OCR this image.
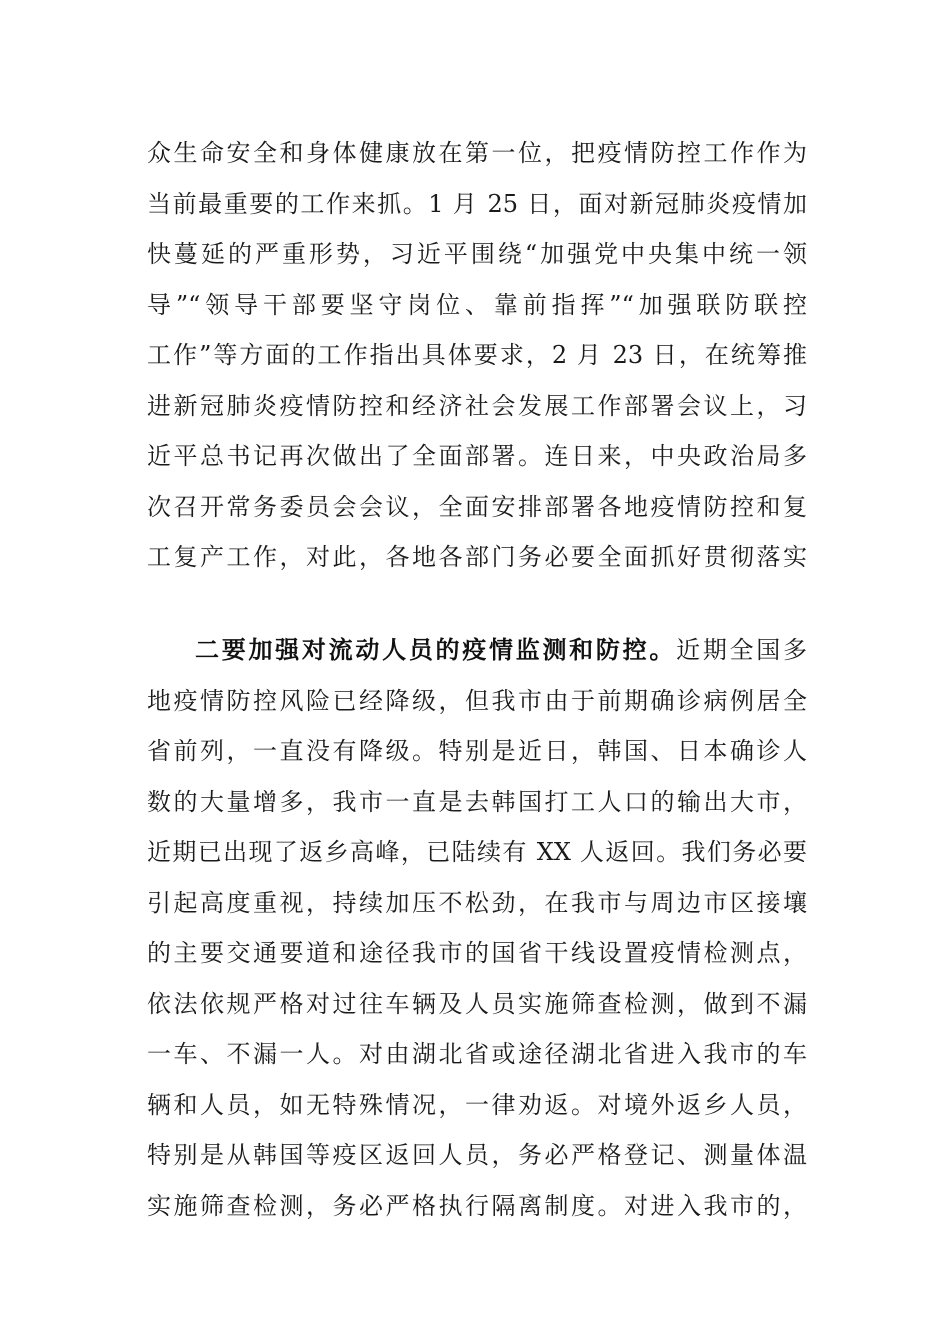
众生命安全和身体健康放在第一位，把疫情防控工作作为
当前最重要的工作来抓。1 月 25 日，面对新冠肺炎疫情加
快蔓延的严重形势，习近平围绕“加强党中央集中统一领
导”“领导干部要坚守岗位、靠前指挥”“加强联防联控
工作”等方面的工作指出具体要求，2 月 23 日，在统筹推
进新冠肺炎疫情防控和经济社会发展工作部署会议上，习
近平总书记再次做出了全面部署。连日来，中央政治局多
次召开常务委员会会议，全面安排部署各地疫情防控和复
工复产工作，对此，各地各部门务必要全面抓好贯彻落实
二要加强对流动人员的疫情监测和防控。近期全国多
地疫情防控风险已经降级，但我市由于前期确诊病例居全
省前列，一直没有降级。特别是近日，韩国、日本确诊人
数的大量增多，我市一直是去韩国打工人口的输出大市，
近期已出现了返乡高峰，已陆续有 XX 人返回。我们务必要
引起高度重视，持续加压不松劲，在我市与周边市区接壤
的主要交通要道和途径我市的国省干线设置疫情检测点，
依法依规严格对过往车辆及人员实施筛查检测，做到不漏
一车、不漏一人。对由湖北省或途径湖北省进入我市的车
辆和人员，如无特殊情况，一律劝返。对境外返乡人员，
特别是从韩国等疫区返回人员，务必严格登记、测量体温
实施筛查检测，务必严格执行隔离制度。对进入我市的，
